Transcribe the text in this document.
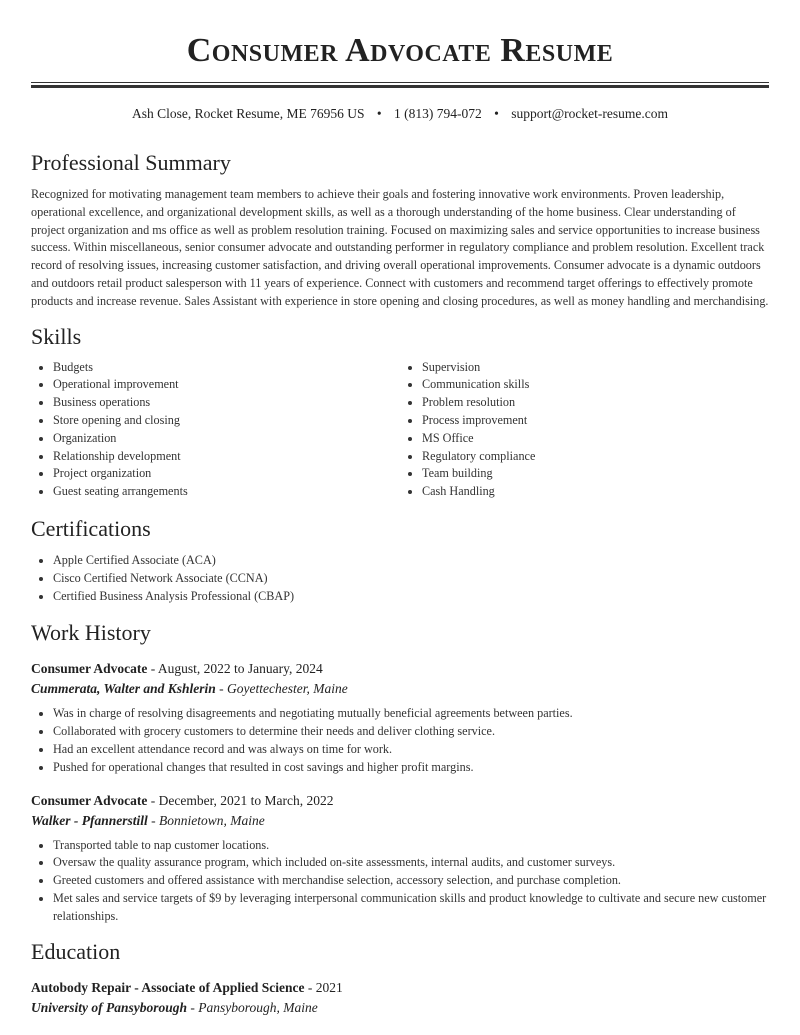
Consumer Advocate Resume
Ash Close, Rocket Resume, ME 76956 US • 1 (813) 794-072 • support@rocket-resume.com
Professional Summary
Recognized for motivating management team members to achieve their goals and fostering innovative work environments. Proven leadership, operational excellence, and organizational development skills, as well as a thorough understanding of the home business. Clear understanding of project organization and ms office as well as problem resolution training. Focused on maximizing sales and service opportunities to increase business success. Within miscellaneous, senior consumer advocate and outstanding performer in regulatory compliance and problem resolution. Excellent track record of resolving issues, increasing customer satisfaction, and driving overall operational improvements. Consumer advocate is a dynamic outdoors and outdoors retail product salesperson with 11 years of experience. Connect with customers and recommend target offerings to effectively promote products and increase revenue. Sales Assistant with experience in store opening and closing procedures, as well as money handling and merchandising.
Skills
• Budgets
• Operational improvement
• Business operations
• Store opening and closing
• Organization
• Relationship development
• Project organization
• Guest seating arrangements
• Supervision
• Communication skills
• Problem resolution
• Process improvement
• MS Office
• Regulatory compliance
• Team building
• Cash Handling
Certifications
• Apple Certified Associate (ACA)
• Cisco Certified Network Associate (CCNA)
• Certified Business Analysis Professional (CBAP)
Work History
Consumer Advocate - August, 2022 to January, 2024
Cummerata, Walter and Kshlerin - Goyettechester, Maine
• Was in charge of resolving disagreements and negotiating mutually beneficial agreements between parties.
• Collaborated with grocery customers to determine their needs and deliver clothing service.
• Had an excellent attendance record and was always on time for work.
• Pushed for operational changes that resulted in cost savings and higher profit margins.
Consumer Advocate - December, 2021 to March, 2022
Walker - Pfannerstill - Bonnietown, Maine
• Transported table to nap customer locations.
• Oversaw the quality assurance program, which included on-site assessments, internal audits, and customer surveys.
• Greeted customers and offered assistance with merchandise selection, accessory selection, and purchase completion.
• Met sales and service targets of $9 by leveraging interpersonal communication skills and product knowledge to cultivate and secure new customer relationships.
Education
Autobody Repair - Associate of Applied Science - 2021
University of Pansyborough - Pansyborough, Maine
